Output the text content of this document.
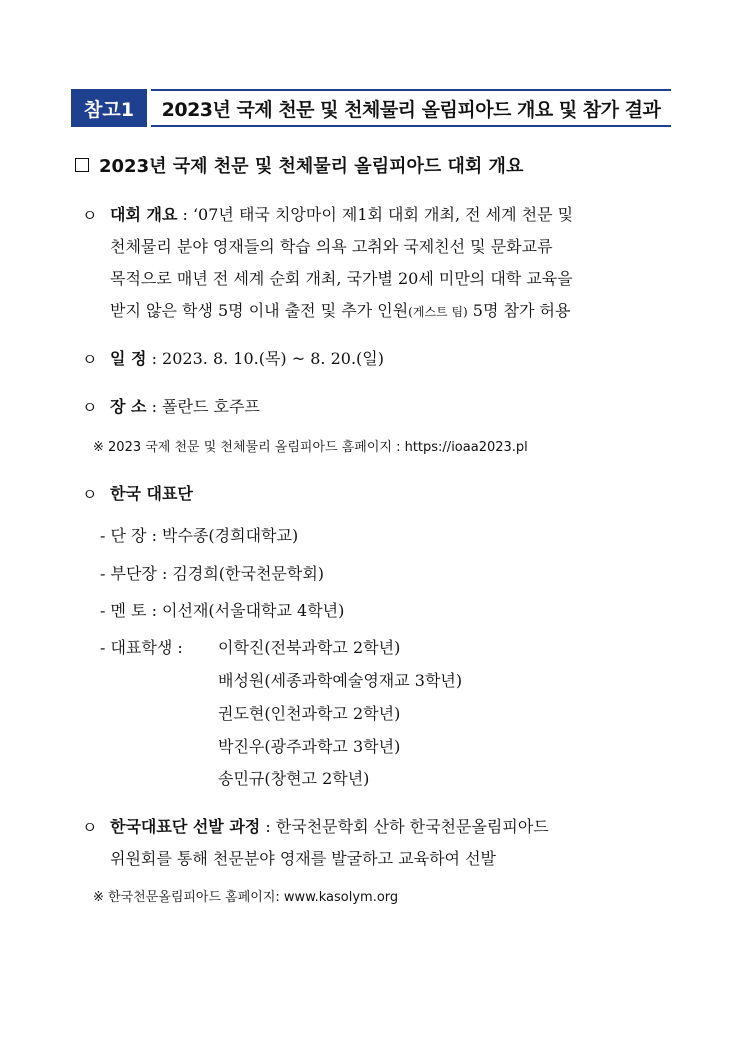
참고1	2023년 국제 천문 및 천체물리 올림피아드 개요 및 참가 결과
2023년 국제 천문 및 천체물리 올림피아드 대회 개요
ㅇ 대회 개요 : ‘07년 태국 치앙마이 제1회 대회 개최, 전 세계 천문 및
천체물리 분야 영재들의 학습 의욕 고취와 국제친선 및 문화교류
목적으로 매년 전 세계 순회 개최, 국가별 20세 미만의 대학 교육을
받지 않은 학생 5명 이내 출전 및 추가 인원(게스트 팀) 5명 참가 허용
ㅇ 일 정 : 2023. 8. 10.(목) ~ 8. 20.(일)
ㅇ 장 소 : 폴란드 호주프
※ 2023 국제 천문 및 천체물리 올림피아드 홈페이지 : https://ioaa2023.pl
ㅇ 한국 대표단
- 단 장 : 박수종(경희대학교)
- 부단장 : 김경희(한국천문학회)
- 멘 토 : 이선재(서울대학교 4학년)
- 대표학생 : 이학진(전북과학고 2학년)
배성원(세종과학예술영재교 3학년)
권도현(인천과학고 2학년)
박진우(광주과학고 3학년)
송민규(창현고 2학년)
ㅇ 한국대표단 선발 과정 : 한국천문학회 산하 한국천문올림피아드
위원회를 통해 천문분야 영재를 발굴하고 교육하여 선발
※ 한국천문올림피아드 홈페이지: www.kasolym.org
